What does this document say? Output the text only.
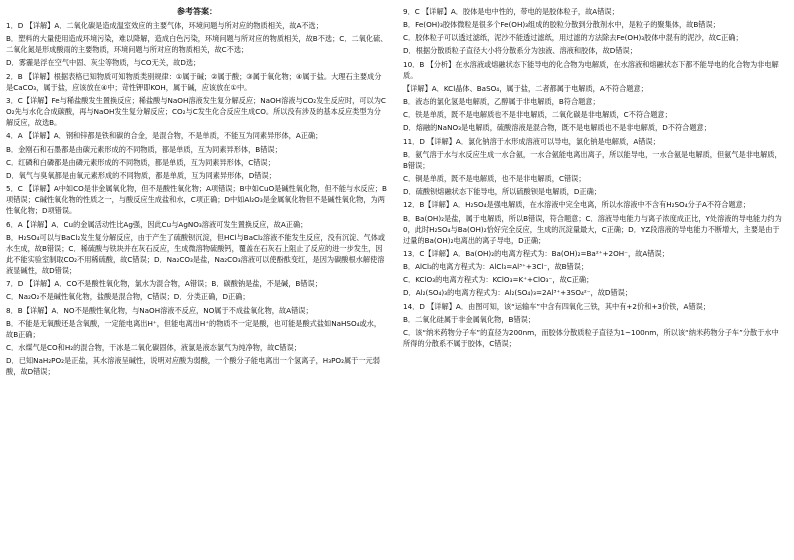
参考答案：
1．D 【详解】A．二氧化碳是造成温室效应的主要气体，环境问题与所对应的物质相关，故A不选；
B．塑料的大量使用造成环境污染，难以降解，造成白色污染，环境问题与所对应的物质相关，故B不选；C．二氧化硫、二氧化氮是形成酸雨的主要物质，环境问题与所对应的物质相关，故C不选；
D．雾霾是浮在空气中固、灰尘等物质，与CO无关，故D选；
2．B 【详解】根据表格已知物质可知物质类别规律：①属于碱；②属于酸；③属于氧化物；④属于盐。大理石主要成分是CaCO₃，属于盐，应该放在④中；苛性钾即KOH，属于碱，应该放在①中。
3．C【详解】Fe与稀盐酸发生置换反应；稀盐酸与NaOH溶液发生复分解反应；NaOH溶液与CO₂发生反应时，可以为CO₂先与水化合成碳酸，再与NaOH发生复分解反应；CO₂与C发生化合反应生成CO。所以没有涉及的基本反应类型为分解反应，故选B。
4．A 【详解】A．钢和锌都是铁和碳的合金，是混合物，不是单质，不能互为同素异形体，A正确；
B．金刚石和石墨都是由碳元素形成的不同物质，都是单质，互为同素异形体，B错误；
C．红磷和白磷都是由磷元素形成的不同物质，都是单质，互为同素异形体，C错误；
D．氧气与臭氧都是由氧元素形成的不同物质，都是单质，互为同素异形体，D错误；
5．C 【详解】A中如CO是非金属氧化物，但不是酸性氧化物；A项错误；B中如CuO是碱性氧化物，但不能与水反应；B项错误；C碱性氧化物的性质之一，与酸反应生成盐和水，C项正确；D中如Al₂O₃是金属氧化物但不是碱性氧化物，为两性氧化物；D项错误。
6．A【详解】A．Cu的金属活动性比Ag强，因此Cu与AgNO₃溶液可发生置换反应，故A正确；
B．H₂SO₄可以与BaCl₂发生复分解反应，由于产生了硫酸钡沉淀，但HCl与BaCl₂溶液不能发生反应，没有沉淀、气体或水生成，故B错误；C．稀硫酸与铁块并在灰石反应，生成微溶物硫酸钙，覆盖在石灰石上阻止了反应的进一步发生，因此不能实验室制取CO₂不用稀硫酸，故C错误；D．Na₂CO₃是盐，Na₂CO₃溶液可以使酚酞变红，是因为碳酸根水解使溶液显碱性，故D错误；
7．D 【详解】A．CO不是酸性氧化物，氯水为混合物，A错误；B．碳酸钠是盐，不是碱，B错误；
C．Na₂O₂不是碱性氧化物，盐酸是混合物，C错误；D．分类正确，D正确；
8．B【详解】A．NO不是酸性氧化物，与NaOH溶液不反应，NO属于不成盐氧化物，故A错误；
B．不能是无氧酸还是含氧酸，一定能电离出H⁺，但能电离出H⁺的物质不一定是酸，也可能是酸式盐如NaHSO₄或水，故B正确；
C．水煤气是CO和H₂的混合物，干冰是二氧化碳固体，液氯是液态氯气为纯净物，故C错误；
D．已知NaH₂PO₂是正盐，其水溶液呈碱性，说明对应酸为弱酸，一个酸分子能电离出一个氢离子，H₃PO₂属于一元弱酸，故D错误；
9．C 【详解】A．胶体是电中性的，带电的是胶体粒子，故A错误；
B．Fe(OH)₃胶体微粒是很多个Fe(OH)₃组成的胶粒分散到分散剂水中，是粒子的聚集体，故B错误；
C．胶体粒子可以透过滤纸，泥沙不能透过滤纸，用过滤的方法除去Fe(OH)₃胶体中混有的泥沙，故C正确；
D．根据分散质粒子直径大小将分散系分为浊液、溶液和胶体，故D错误；
10．B 【分析】在水溶液或熔融状态下能导电的化合物为电解质，在水溶液和熔融状态下都不能导电的化合物为非电解质。
【详解】A．KCl晶体、BaSO₄，属于盐，二者都属于电解质，A不符合题意；
B．液态的氯化氢是电解质，乙醇属于非电解质，B符合题意；
C．铁是单质，既不是电解质也不是非电解质，二氧化碳是非电解质，C不符合题意；
D．熔融的NaNO₃是电解质，硫酸溶液是混合物，既不是电解质也不是非电解质，D不符合题意；
11．D 【详解】A．氯化钠溶于水形成溶液可以导电，氯化钠是电解质，A错误；
B．氨气溶于水与水反应生成一水合氨，一水合氨能电离出离子，所以能导电，一水合氨是电解质，但氨气是非电解质，B错误；
C．铜是单质，既不是电解质，也不是非电解质，C错误；
D．硫酸钡熔融状态下能导电，所以硫酸钡是电解质，D正确；
12．B【详解】A．H₂SO₄是强电解质，在水溶液中完全电离，所以水溶液中不含有H₂SO₄分子A不符合题意；
B．Ba(OH)₂是盐，属于电解质，所以B错误，符合题意；C．溶液导电能力与离子浓度成正比，Y处溶液的导电能力约为0，此时H₂SO₄与Ba(OH)₂恰好完全反应，生成的沉淀量最大，C正确；D．YZ段溶液的导电能力不断增大，主要是由于过量的Ba(OH)₂电离出的离子导电，D正确；
13．C【详解】A．Ba(OH)₂的电离方程式为：Ba(OH)₂=Ba²⁺+2OH⁻，故A错误；
B．AlCl₃的电离方程式为：AlCl₃=Al³⁺+3Cl⁻，故B错误；
C．KClO₃的电离方程式为：KClO₃=K⁺+ClO₃⁻，故C正确；
D．Al₂(SO₄)₃的电离方程式为：Al₂(SO₄)₃=2Al³⁺+3SO₄²⁻，故D错误；
14．D 【详解】A．由图可知，该“运输车”中含有四氧化三铁，其中有+2价和+3价铁，A错误；
B．二氧化硅属于非金属氧化物，B错误；
C．该“纳米药物分子车”的直径为200nm，而胶体分散质粒子直径为1~100nm，所以该“纳米药物分子车”分散于水中所得的分散系不属于胶体，C错误；
